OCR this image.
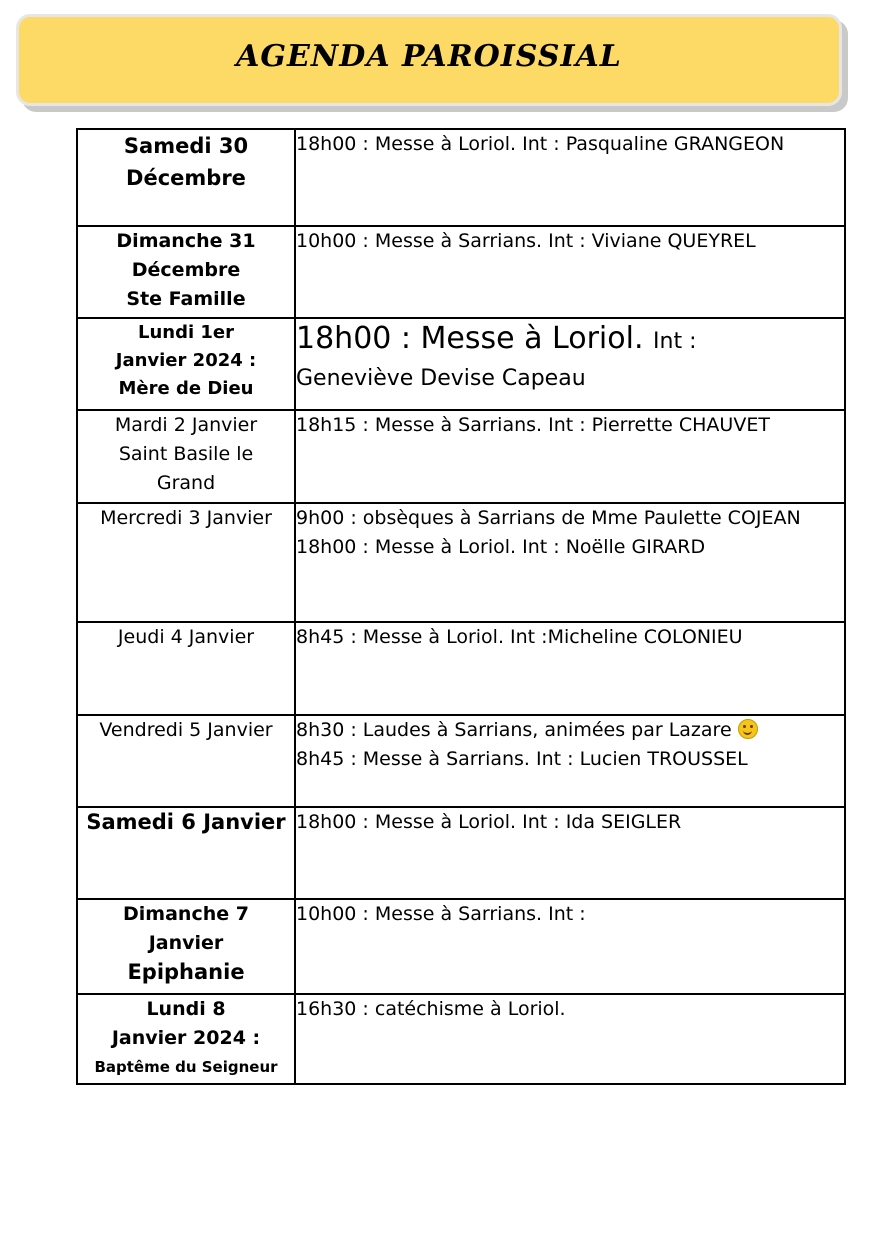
AGENDA PAROISSIAL
Samedi 30
Décembre	18h00 : Messe à Loriol. Int : Pasqualine GRANGEON

Dimanche 31
Décembre
Ste Famille	10h00 : Messe à Sarrians. Int : Viviane QUEYREL

Lundi 1er
Janvier 2024 :
Mère de Dieu	18h00 : Messe à Loriol. Int :
Geneviève Devise Capeau

Mardi 2 Janvier
Saint Basile le
Grand	18h15 : Messe à Sarrians. Int : Pierrette CHAUVET

Mercredi 3 Janvier	9h00 : obsèques à Sarrians de Mme Paulette COJEAN
18h00 : Messe à Loriol. Int : Noëlle GIRARD

Jeudi 4 Janvier	8h45 : Messe à Loriol. Int :Micheline COLONIEU

Vendredi 5 Janvier	8h30 : Laudes à Sarrians, animées par Lazare
8h45 : Messe à Sarrians. Int : Lucien TROUSSEL

Samedi 6 Janvier	18h00 : Messe à Loriol. Int : Ida SEIGLER

Dimanche 7
Janvier
Epiphanie	10h00 : Messe à Sarrians. Int :

Lundi 8
Janvier 2024 :
Baptême du Seigneur	16h30 : catéchisme à Loriol.
